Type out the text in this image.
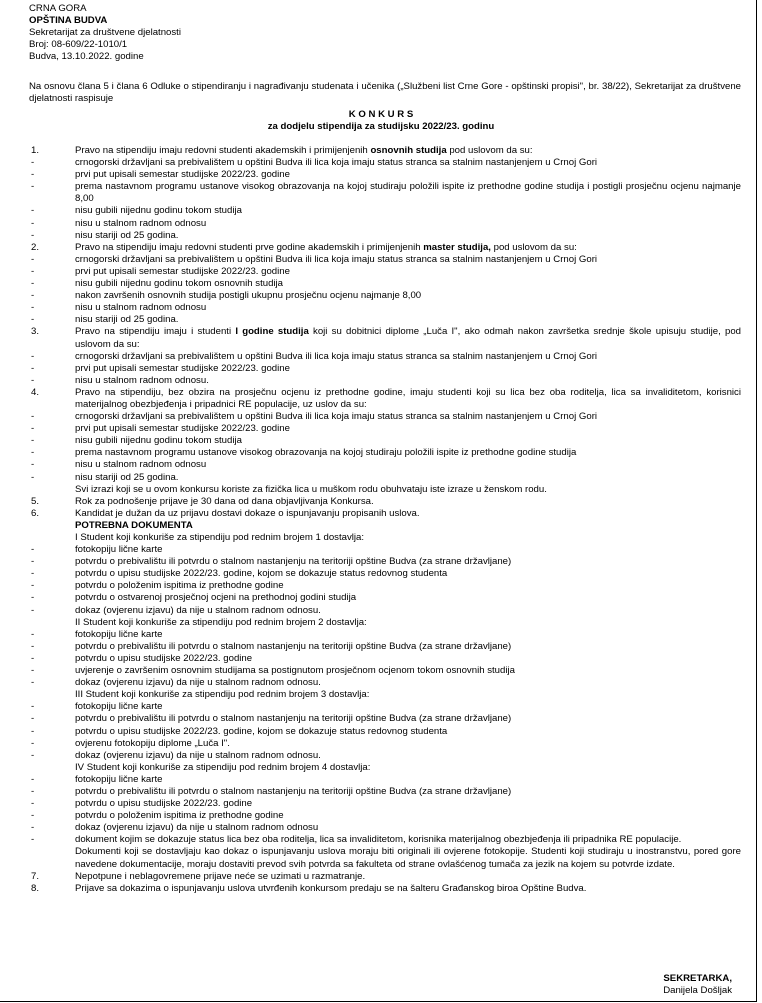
CRNA GORA
OPŠTINA BUDVA
Sekretarijat za društvene djelatnosti
Broj: 08-609/22-1010/1
Budva, 13.10.2022. godine
Na osnovu člana 5 i člana 6 Odluke o stipendiranju i nagrađivanju studenata i učenika („Službeni list Crne Gore - opštinski propisi", br. 38/22), Sekretarijat za društvene djelatnosti raspisuje
K O N K U R S
za dodjelu stipendija za studijsku 2022/23. godinu
1.	Pravo na stipendiju imaju redovni studenti akademskih i primijenjenih osnovnih studija pod uslovom da su:
-	crnogorski državljani sa prebivalištem u opštini Budva ili lica koja imaju status stranca sa stalnim nastanjenjem u Crnoj Gori
-	prvi put upisali semestar studijske 2022/23. godine
-	prema nastavnom programu ustanove visokog obrazovanja na kojoj studiraju položili ispite iz prethodne godine studija i postigli prosječnu ocjenu najmanje 8,00
-	nisu gubili nijednu godinu tokom studija
-	nisu u stalnom radnom odnosu
-	nisu stariji od 25 godina.
2.	Pravo na stipendiju imaju redovni studenti prve godine akademskih i primijenjenih master studija, pod uslovom da su:
-	crnogorski državljani sa prebivalištem u opštini Budva ili lica koja imaju status stranca sa stalnim nastanjenjem u Crnoj Gori
-	prvi put upisali semestar studijske 2022/23. godine
-	nisu gubili nijednu godinu tokom osnovnih studija
-	nakon završenih osnovnih studija postigli ukupnu prosječnu ocjenu najmanje 8,00
-	nisu u stalnom radnom odnosu
-	nisu stariji od 25 godina.
3.	Pravo na stipendiju imaju i studenti I godine studija koji su dobitnici diplome „Luča I", ako odmah nakon završetka srednje škole upisuju studije, pod uslovom da su:
-	crnogorski državljani sa prebivalištem u opštini Budva ili lica koja imaju status stranca sa stalnim nastanjenjem u Crnoj Gori
-	prvi put upisali semestar studijske 2022/23. godine
-	nisu u stalnom radnom odnosu.
4.	Pravo na stipendiju, bez obzira na prosječnu ocjenu iz prethodne godine, imaju studenti koji su lica bez oba roditelja, lica sa invaliditetom, korisnici materijalnog obezbjeđenja i pripadnici RE populacije, uz uslov da su:
-	crnogorski državljani sa prebivalištem u opštini Budva ili lica koja imaju status stranca sa stalnim nastanjenjem u Crnoj Gori
-	prvi put upisali semestar studijske 2022/23. godine
-	nisu gubili nijednu godinu tokom studija
-	prema nastavnom programu ustanove visokog obrazovanja na kojoj studiraju položili ispite iz prethodne godine studija
-	nisu u stalnom radnom odnosu
-	nisu stariji od 25 godina.
Svi izrazi koji se u ovom konkursu koriste za fizička lica u muškom rodu obuhvataju iste izraze u ženskom rodu.
5.	Rok za podnošenje prijave je 30 dana od dana objavljivanja Konkursa.
6.	Kandidat je dužan da uz prijavu dostavi dokaze o ispunjavanju propisanih uslova.
POTREBNA DOKUMENTA
I Student koji konkuriše za stipendiju pod rednim brojem 1 dostavlja:
-	fotokopiju lične karte
-	potvrdu o prebivalištu ili potvrdu o stalnom nastanjenju na teritoriji opštine Budva (za strane državljane)
-	potvrdu o upisu studijske 2022/23. godine, kojom se dokazuje status redovnog studenta
-	potvrdu o položenim ispitima iz prethodne godine
-	potvrdu o ostvarenoj prosječnoj ocjeni na prethodnoj godini studija
-	dokaz (ovjerenu izjavu) da nije u stalnom radnom odnosu.
II Student koji konkuriše za stipendiju pod rednim brojem 2 dostavlja:
-	fotokopiju lične karte
-	potvrdu o prebivalištu ili potvrdu o stalnom nastanjenju na teritoriji opštine Budva (za strane državljane)
-	potvrdu o upisu studijske 2022/23. godine
-	uvjerenje o završenim osnovnim studijama sa postignutom prosječnom ocjenom tokom osnovnih studija
-	dokaz (ovjerenu izjavu) da nije u stalnom radnom odnosu.
III Student koji konkuriše za stipendiju pod rednim brojem 3 dostavlja:
-	fotokopiju lične karte
-	potvrdu o prebivalištu ili potvrdu o stalnom nastanjenju na teritoriji opštine Budva (za strane državljane)
-	potvrdu o upisu studijske 2022/23. godine, kojom se dokazuje status redovnog studenta
-	ovjerenu fotokopiju diplome „Luča I".
-	dokaz (ovjerenu izjavu) da nije u stalnom radnom odnosu.
IV Student koji konkuriše za stipendiju pod rednim brojem 4 dostavlja:
-	fotokopiju lične karte
-	potvrdu o prebivalištu ili potvrdu o stalnom nastanjenju na teritoriji opštine Budva (za strane državljane)
-	potvrdu o upisu studijske 2022/23. godine
-	potvrdu o položenim ispitima iz prethodne godine
-	dokaz (ovjerenu izjavu) da nije u stalnom radnom odnosu
-	dokument kojim se dokazuje status lica bez oba roditelja, lica sa invaliditetom, korisnika materijalnog obezbjeđenja ili pripadnika RE populacije.
Dokumenti koji se dostavljaju kao dokaz o ispunjavanju uslova moraju biti originali ili ovjerene fotokopije. Studenti koji studiraju u inostranstvu, pored gore navedene dokumentacije, moraju dostaviti prevod svih potvrda sa fakulteta od strane ovlašćenog tumača za jezik na kojem su potvrde izdate.
7.	Nepotpune i neblagovremene prijave neće se uzimati u razmatranje.
8.	Prijave sa dokazima o ispunjavanju uslova utvrđenih konkursom predaju se na šalteru Građanskog biroa Opštine Budva.
SEKRETARKA,
Danijela Došljak
